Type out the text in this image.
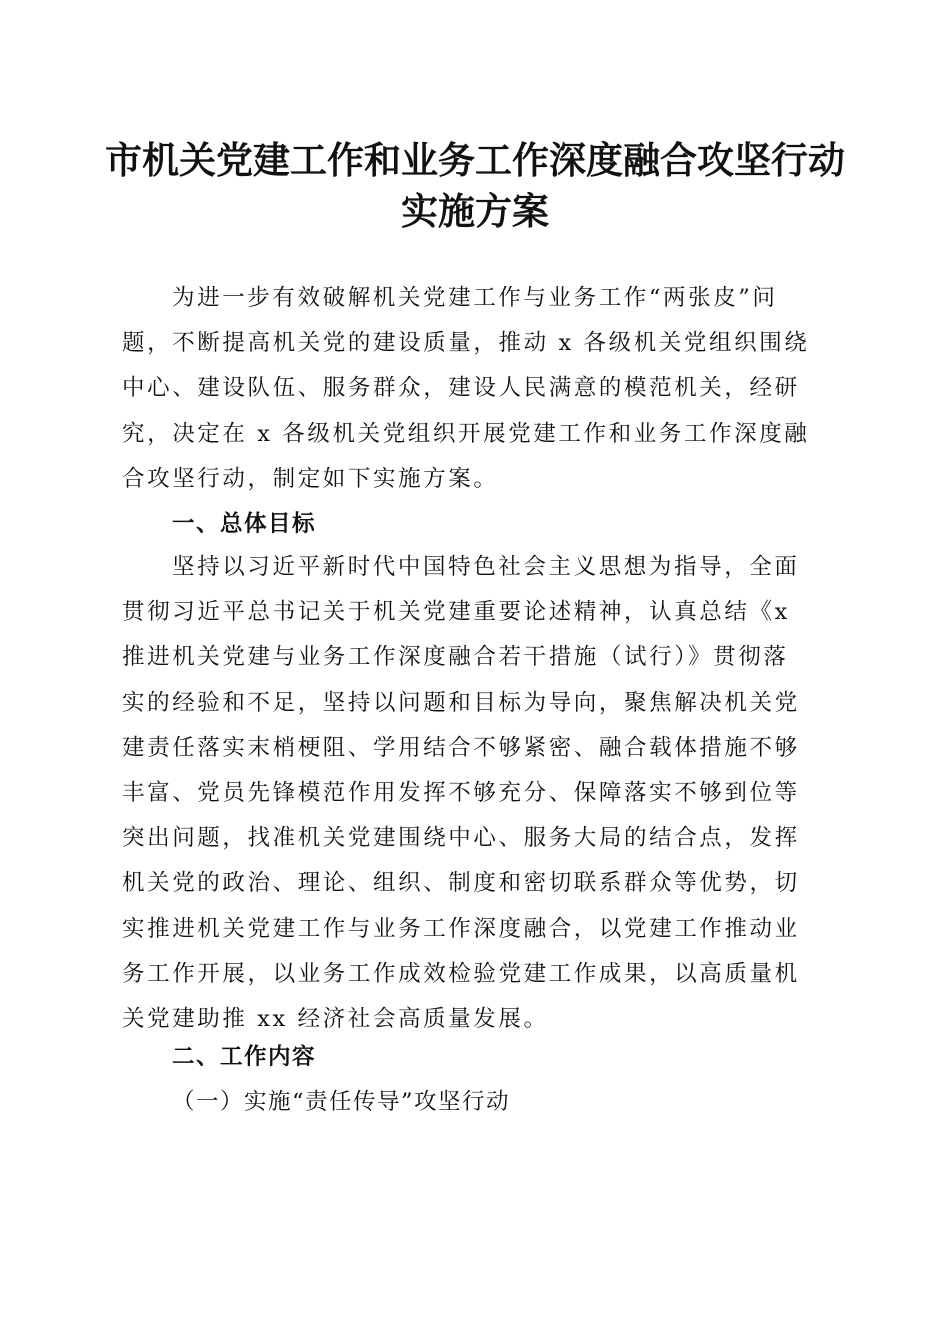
市机关党建工作和业务工作深度融合攻坚行动
实施方案
为进一步有效破解机关党建工作与业务工作“两张皮”问
题，不断提高机关党的建设质量，推动 x 各级机关党组织围绕
中心、建设队伍、服务群众，建设人民满意的模范机关，经研
究，决定在 x 各级机关党组织开展党建工作和业务工作深度融
合攻坚行动，制定如下实施方案。
一、总体目标
坚持以习近平新时代中国特色社会主义思想为指导，全面
贯彻习近平总书记关于机关党建重要论述精神，认真总结《x
推进机关党建与业务工作深度融合若干措施（试行）》贯彻落
实的经验和不足，坚持以问题和目标为导向，聚焦解决机关党
建责任落实末梢梗阻、学用结合不够紧密、融合载体措施不够
丰富、党员先锋模范作用发挥不够充分、保障落实不够到位等
突出问题，找准机关党建围绕中心、服务大局的结合点，发挥
机关党的政治、理论、组织、制度和密切联系群众等优势，切
实推进机关党建工作与业务工作深度融合，以党建工作推动业
务工作开展，以业务工作成效检验党建工作成果，以高质量机
关党建助推 xx 经济社会高质量发展。
二、工作内容
（一）实施“责任传导”攻坚行动
